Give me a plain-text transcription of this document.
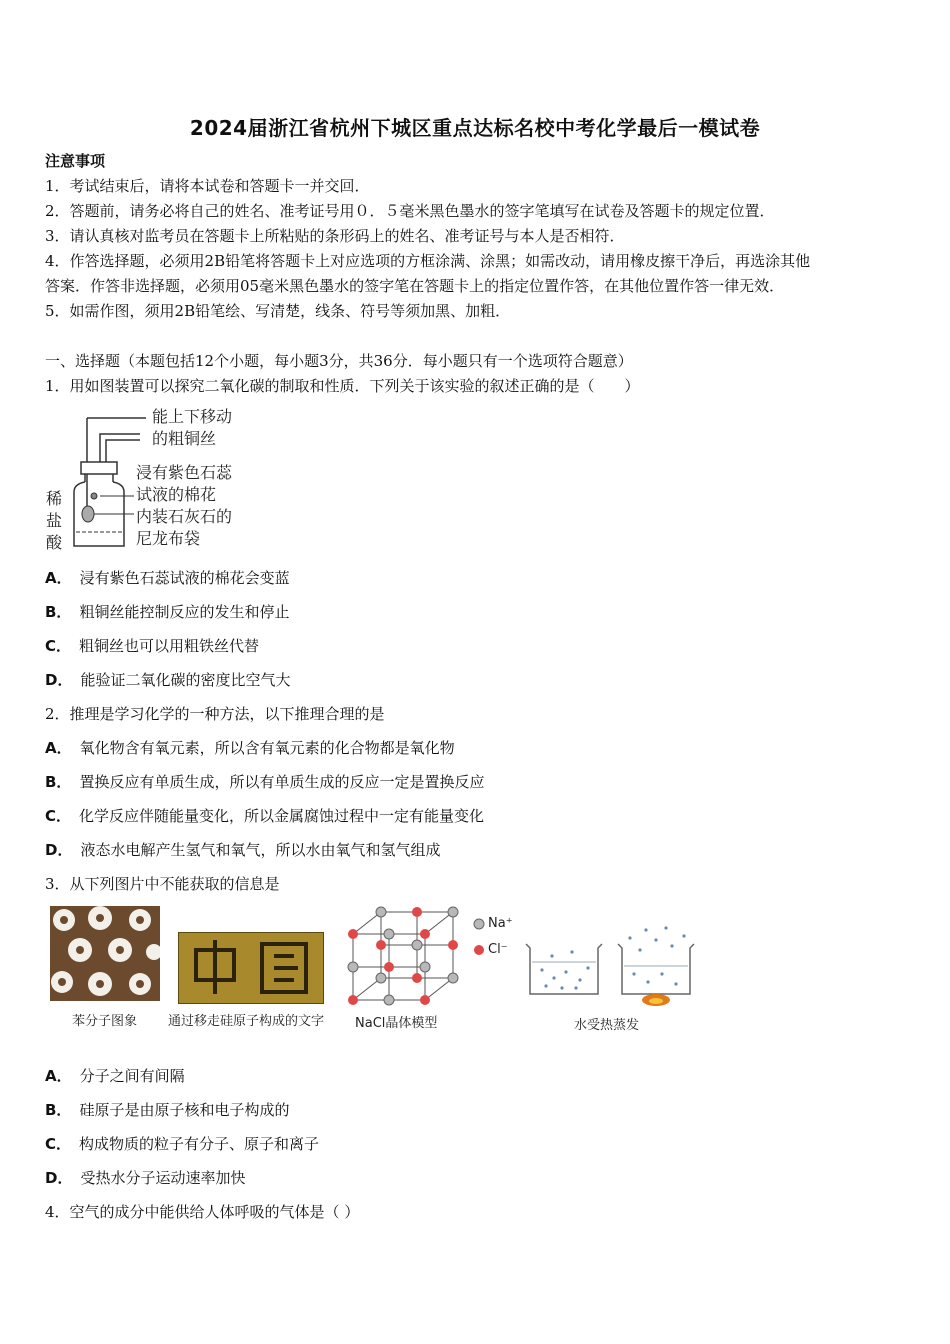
2024届浙江省杭州下城区重点达标名校中考化学最后一模试卷
注意事项
1．考试结束后，请将本试卷和答题卡一并交回．
2．答题前，请务必将自己的姓名、准考证号用０．５毫米黑色墨水的签字笔填写在试卷及答题卡的规定位置．
3．请认真核对监考员在答题卡上所粘贴的条形码上的姓名、准考证号与本人是否相符．
4．作答选择题，必须用2B铅笔将答题卡上对应选项的方框涂满、涂黑；如需改动，请用橡皮擦干净后，再选涂其他
答案．作答非选择题，必须用05毫米黑色墨水的签字笔在答题卡上的指定位置作答，在其他位置作答一律无效．
5．如需作图，须用2B铅笔绘、写清楚，线条、符号等须加黑、加粗．
一、选择题（本题包括12个小题，每小题3分，共36分．每小题只有一个选项符合题意）
1．用如图装置可以探究二氧化碳的制取和性质．下列关于该实验的叙述正确的是（　　）
能上下移动
的粗铜丝
浸有紫色石蕊
试液的棉花
内装石灰石的
尼龙布袋
稀
盐
酸
A． 浸有紫色石蕊试液的棉花会变蓝
B． 粗铜丝能控制反应的发生和停止
C． 粗铜丝也可以用粗铁丝代替
D． 能验证二氧化碳的密度比空气大
2．推理是学习化学的一种方法，以下推理合理的是
A． 氧化物含有氧元素，所以含有氧元素的化合物都是氧化物
B． 置换反应有单质生成，所以有单质生成的反应一定是置换反应
C． 化学反应伴随能量变化，所以金属腐蚀过程中一定有能量变化
D． 液态水电解产生氢气和氧气，所以水由氧气和氢气组成
3．从下列图片中不能获取的信息是
苯分子图象 通过移走硅原子构成的文字
Na⁺
Cl⁻
NaCl晶体模型	水受热蒸发
A． 分子之间有间隔
B． 硅原子是由原子核和电子构成的
C． 构成物质的粒子有分子、原子和离子
D． 受热水分子运动速率加快
4．空气的成分中能供给人体呼吸的气体是（ ）
